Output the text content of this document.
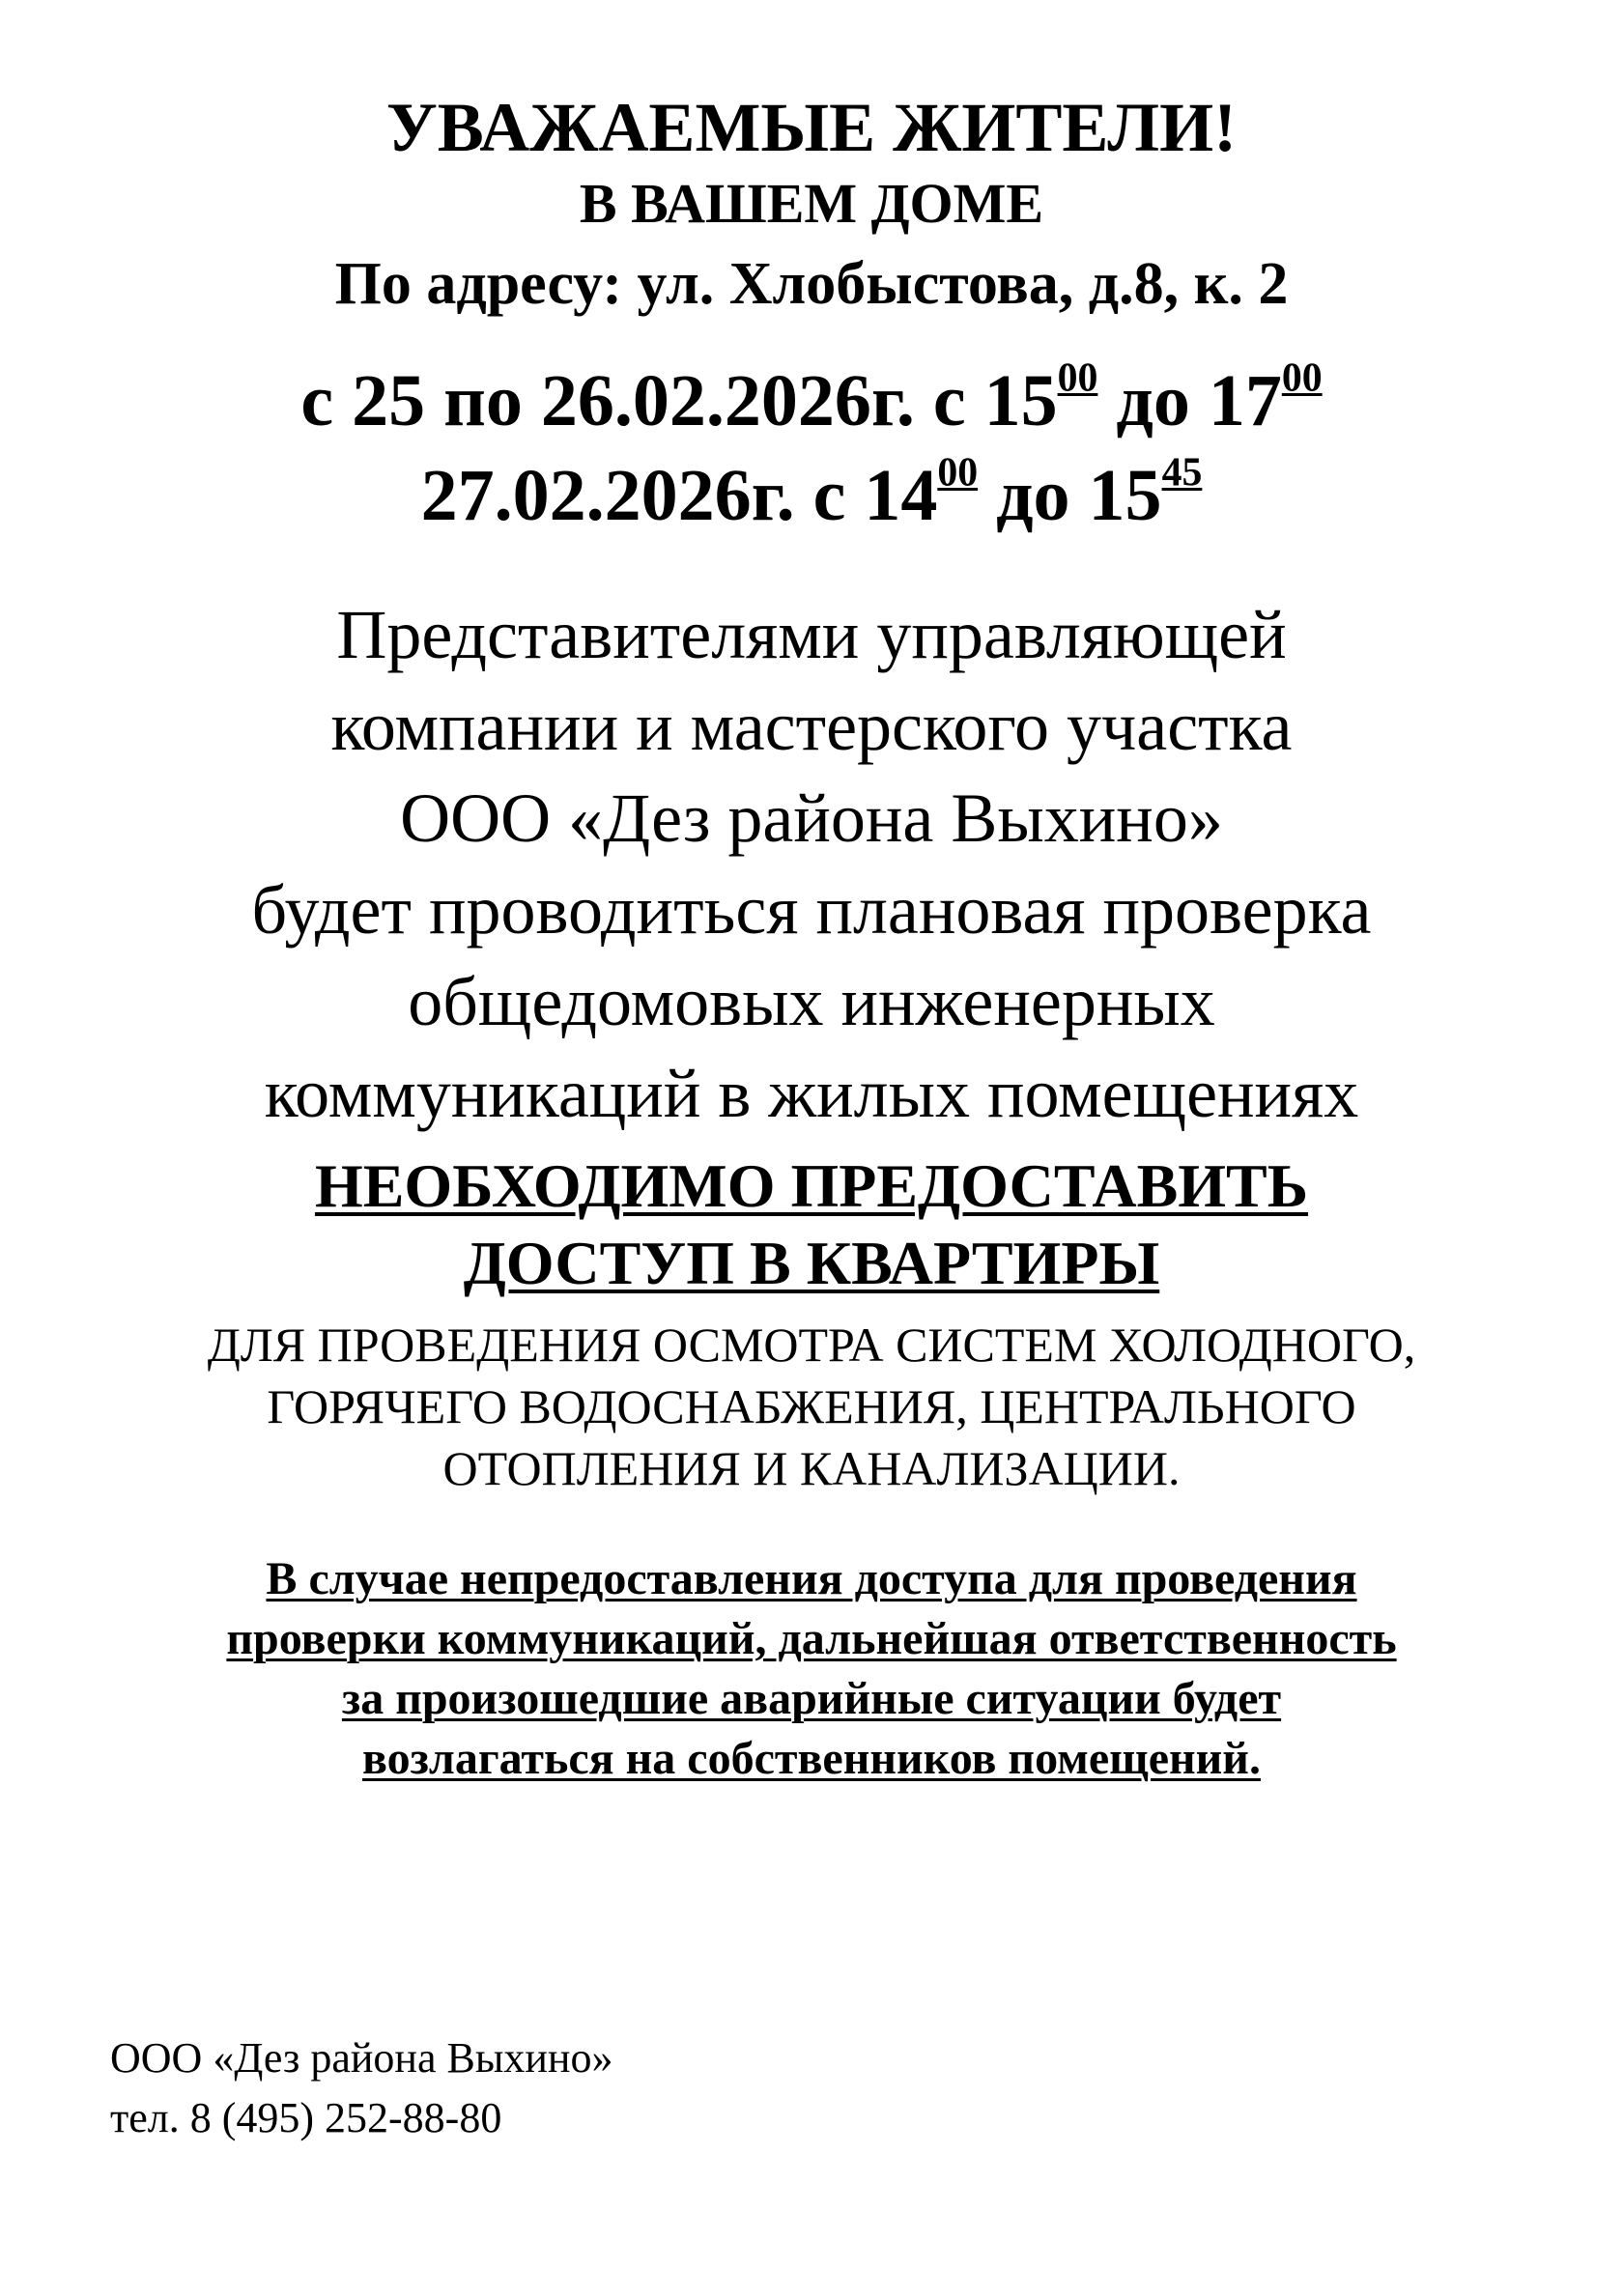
УВАЖАЕМЫЕ ЖИТЕЛИ!
В ВАШЕМ ДОМЕ
По адресу: ул. Хлобыстова, д.8, к. 2
с 25 по 26.02.2026г. с $15^{00}$ до $17^{00}$
27.02.2026г. с $14^{00}$ до $15^{45}$
Представителями управляющей
компании и мастерского участка
ООО «Дез района Выхино»
будет проводиться плановая проверка
общедомовых инженерных
коммуникаций в жилых помещениях
НЕОБХОДИМО ПРЕДОСТАВИТЬ
ДОСТУП В КВАРТИРЫ
ДЛЯ ПРОВЕДЕНИЯ ОСМОТРА СИСТЕМ ХОЛОДНОГО,
ГОРЯЧЕГО ВОДОСНАБЖЕНИЯ, ЦЕНТРАЛЬНОГО
ОТОПЛЕНИЯ И КАНАЛИЗАЦИИ.
В случае непредоставления доступа для проведения
проверки коммуникаций, дальнейшая ответственность
за произошедшие аварийные ситуации будет
возлагаться на собственников помещений.
ООО «Дез района Выхино»
тел. 8 (495) 252-88-80
